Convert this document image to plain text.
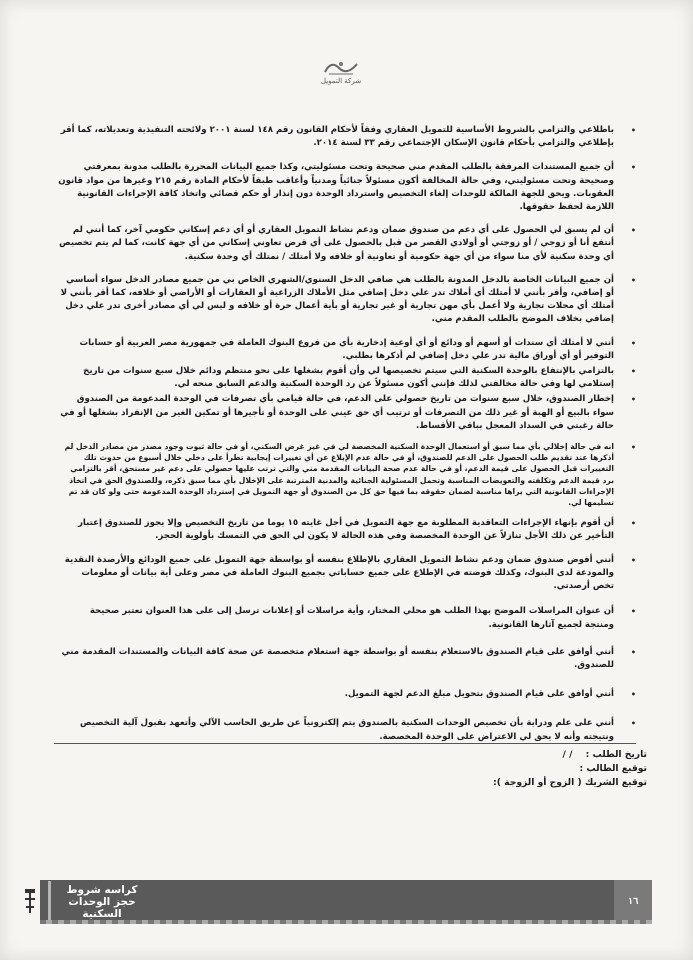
شركة التمويل

•
باطلاعي والتزامي بالشروط الأساسية للتمويل العقاري وفقاً لأحكام القانون رقم ١٤٨ لسنة ٢٠٠١ ولائحته التنفيذية وتعديلاته، كما أقر بإطلاعي والتزامي بأحكام قانون الإسكان الإجتماعي رقم ٣٣ لسنة ٢٠١٤.

•
أن جميع المستندات المرفقة بالطلب المقدم مني صحيحة وتحت مسئوليتي، وكذا جميع البيانات المحررة بالطلب مدونة بمعرفتي وصحيحة وتحت مسئوليتي، وفي حالة المخالفة أكون مسئولاً جنائياً ومدنياً وأعاقب طبقاً لأحكام المادة رقم ٢١٥ وغيرها من مواد قانون العقوبات. ويحق للجهة المالكة للوحدات إلغاء التخصيص واسترداد الوحدة دون إنذار أو حكم قضائي واتخاذ كافة الإجراءات القانونية اللازمة لحفظ حقوقها.

•
أن لم يسبق لي الحصول على أي دعم من صندوق ضمان ودعم نشاط التمويل العقاري أو أي دعم إسكاني حكومي آخر، كما أنني لم أنتفع أنا أو زوجي / أو زوجتي أو أولادي القصر من قبل بالحصول على أي قرض تعاوني إسكاني من أي جهة كانت، كما لم يتم تخصيص أي وحدة سكنية لأي منا سواء من أي جهة حكومية أو تعاونية أو خلافه ولا أمتلك / نمتلك أي وحدة سكنية.

•
أن جميع البيانات الخاصة بالدخل المدونة بالطلب هي صافي الدخل السنوي/الشهري الخاص بي من جميع مصادر الدخل سواء أساسي أو إضافي، وأقر بأنني لا أمتلك أي أملاك تدر علي دخل إضافي مثل الأملاك الزراعية أو العقارات أو الأراضي أو خلافه، كما أقر بأنني لا أمتلك أي محلات تجارية ولا أعمل بأي مهن تجارية أو غير تجارية أو بأية أعمال حرة أو خلافه و ليس لي أي مصادر أخرى تدر علي دخل إضافي بخلاف الموضح بالطلب المقدم مني.

•
أنني لا أمتلك أي سندات أو أسهم أو ودائع أو أي أوعية إدخارية بأي من فروع البنوك العاملة في جمهورية مصر العربية أو حسابات التوفير أو أي أوراق مالية تدر علي دخل إضافي لم أذكرها بطلبي.

•
بالتزامي بالإنتفاع بالوحدة السكنية التي سيتم تخصيصها لي وأن أقوم بشغلها على نحو منتظم ودائم خلال سبع سنوات من تاريخ إستلامي لها وفي حالة مخالفتي لذلك فإنني أكون مسئولاً عن رد الوحدة السكنية والدعم السابق منحه لي.

•
إخطار الصندوق، خلال سبع سنوات من تاريخ حصولي على الدعم، في حالة قيامي بأي تصرفات في الوحدة المدعومة من الصندوق سواء بالبيع أو الهبة أو غير ذلك من التصرفات أو ترتيب أي حق عيني على الوحدة أو تأجيرها أو تمكين الغير من الإنفراد بشغلها أو في حالة رغبتي في السداد المعجل بباقي الأقساط.

•
انه في حالة إخلالي بأي مما سبق أو استعمال الوحدة السكنية المخصصة لي في غير غرض السكني، أو في حالة ثبوت وجود مصدر من مصادر الدخل لم أذكرها عند تقديم طلب الحصول على الدعم للصندوق، أو في حالة عدم الإبلاغ عن أي تغييرات إيجابية تطرأ على دخلي خلال أسبوع من حدوث تلك التغييرات قبل الحصول على قيمة الدعم، أو في حالة عدم صحة البيانات المقدمة مني والتي ترتب عليها حصولي على دعم غير مستحق، أقر بالتزامي برد قيمة الدعم وتكلفته والتعويضات المناسبة وتحمل المسئولية الجنائية والمدنية المترتبة على الإخلال بأي مما سبق ذكره، وللصندوق الحق في اتخاذ الإجراءات القانونية التي يراها مناسبة لضمان حقوقه بما فيها حق كل من الصندوق أو جهة التمويل في إسترداد الوحدة المدعومة حتى ولو كان قد تم تسليمها لي.

•
أن أقوم بإنهاء الإجراءات التعاقدية المطلوبة مع جهة التمويل في أجل غايته ١٥ يوما من تاريخ التخصيص وإلا يجوز للصندوق إعتبار التأخير عن ذلك الأجل تنازلاً عن الوحدة المخصصة وفي هذه الحالة لا يكون لي الحق في التمسك بأولوية الحجز.

•
أنني أفوض صندوق ضمان ودعم نشاط التمويل العقاري بالإطلاع بنفسه أو بواسطة جهة التمويل على جميع الودائع والأرصدة النقدية والمودعة لدى البنوك، وكذلك فوضته في الإطلاع على جميع حساباتي بجميع البنوك العاملة في مصر وعلى أية بيانات أو معلومات تخص أرصدتي.

•
أن عنوان المراسلات الموضح بهذا الطلب هو محلي المختار، وأية مراسلات أو إعلانات ترسل إلى على هذا العنوان تعتبر صحيحة ومنتجة لجميع آثارها القانونية.

•
أنني أوافق على قيام الصندوق بالاستعلام بنفسه أو بواسطة جهة استعلام متخصصة عن صحة كافة البيانات والمستندات المقدمة مني للصندوق.

•
أنني أوافق على قيام الصندوق بتحويل مبلغ الدعم لجهة التمويل.

•
أنني على علم ودراية بأن تخصيص الوحدات السكنية بالصندوق يتم إلكترونياً عن طريق الحاسب الآلي وأتعهد بقبول آلية التخصيص ونتيجته وأنه لا يحق لي الاعتراض على الوحدة المخصصة.

تاريخ الطلب : / /
توقيع الطالب :
توقيع الشريك ( الزوج أو الزوجة ):
كراسه شروط حجز الوحدات السكنية
١٦
